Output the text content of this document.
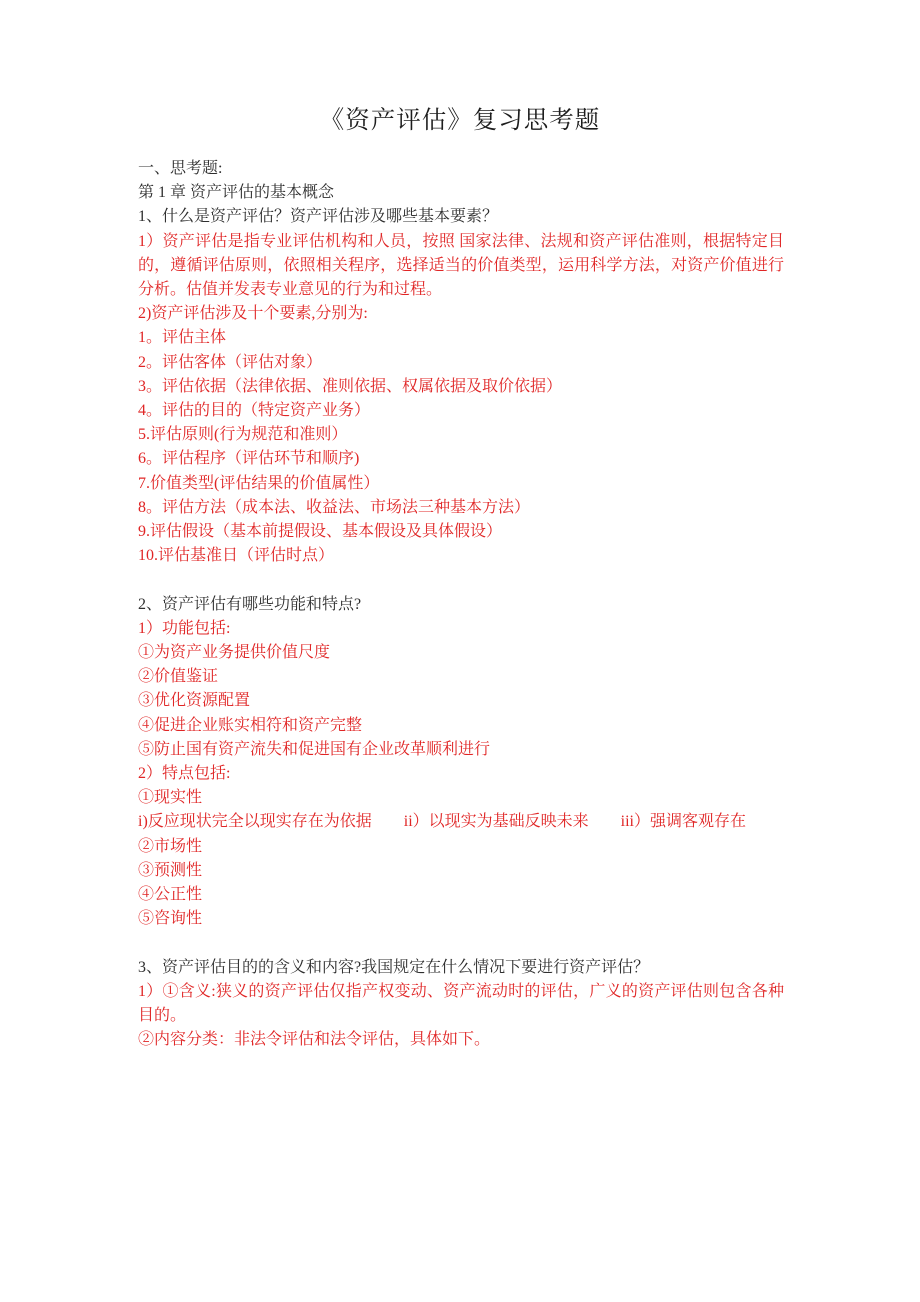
《资产评估》复习思考题
一、思考题:
第 1 章 资产评估的基本概念
1、什么是资产评估？资产评估涉及哪些基本要素？
1）资产评估是指专业评估机构和人员，按照 国家法律、法规和资产评估准则，根据特定目的，遵循评估原则，依照相关程序，选择适当的价值类型，运用科学方法，对资产价值进行分析。估值并发表专业意见的行为和过程。
2)资产评估涉及十个要素,分别为:
1。评估主体
2。评估客体（评估对象）
3。评估依据（法律依据、准则依据、权属依据及取价依据）
4。评估的目的（特定资产业务）
5.评估原则(行为规范和准则）
6。评估程序（评估环节和顺序)
7.价值类型(评估结果的价值属性）
8。评估方法（成本法、收益法、市场法三种基本方法）
9.评估假设（基本前提假设、基本假设及具体假设）
10.评估基准日（评估时点）
2、资产评估有哪些功能和特点?
1）功能包括:
①为资产业务提供价值尺度
②价值鉴证
③优化资源配置
④促进企业账实相符和资产完整
⑤防止国有资产流失和促进国有企业改革顺利进行
2）特点包括:
①现实性
i)反应现状完全以现实存在为依据　　ii）以现实为基础反映未来　　iii）强调客观存在
②市场性
③预测性
④公正性
⑤咨询性
3、资产评估目的的含义和内容?我国规定在什么情况下要进行资产评估？
1）①含义:狭义的资产评估仅指产权变动、资产流动时的评估，广义的资产评估则包含各种目的。
②内容分类：非法令评估和法令评估，具体如下。
